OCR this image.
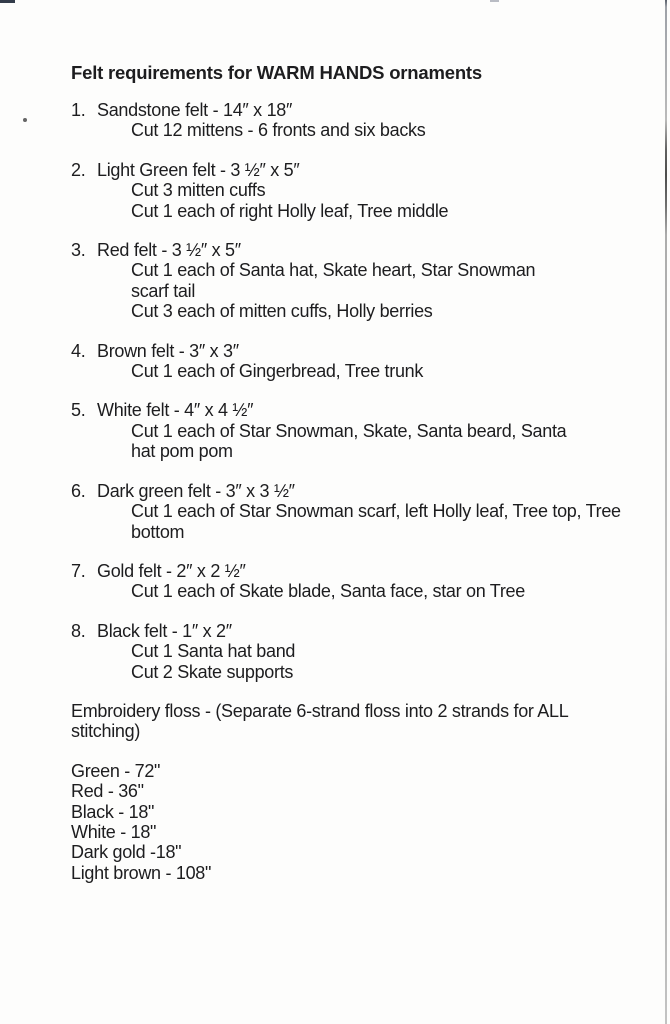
Felt requirements for WARM HANDS ornaments
1. Sandstone felt - 14″ x 18″
Cut 12 mittens - 6 fronts and six backs
2. Light Green felt - 3 ½″ x 5″
Cut 3 mitten cuffs
Cut 1 each of right Holly leaf, Tree middle
3. Red felt - 3 ½″ x 5″
Cut 1 each of Santa hat, Skate heart, Star Snowman scarf tail
Cut 3 each of mitten cuffs, Holly berries
4. Brown felt - 3″ x 3″
Cut 1 each of Gingerbread, Tree trunk
5. White felt - 4″ x 4 ½″
Cut 1 each of Star Snowman, Skate, Santa beard, Santa hat pom pom
6. Dark green felt - 3″ x 3 ½″
Cut 1 each of Star Snowman scarf, left Holly leaf, Tree top, Tree bottom
7. Gold felt - 2″ x 2 ½″
Cut 1 each of Skate blade, Santa face, star on Tree
8. Black felt - 1″ x 2″
Cut 1 Santa hat band
Cut 2 Skate supports
Embroidery floss - (Separate 6-strand floss into 2 strands for ALL stitching)
Green - 72"
Red - 36"
Black - 18"
White - 18"
Dark gold -18"
Light brown - 108"
